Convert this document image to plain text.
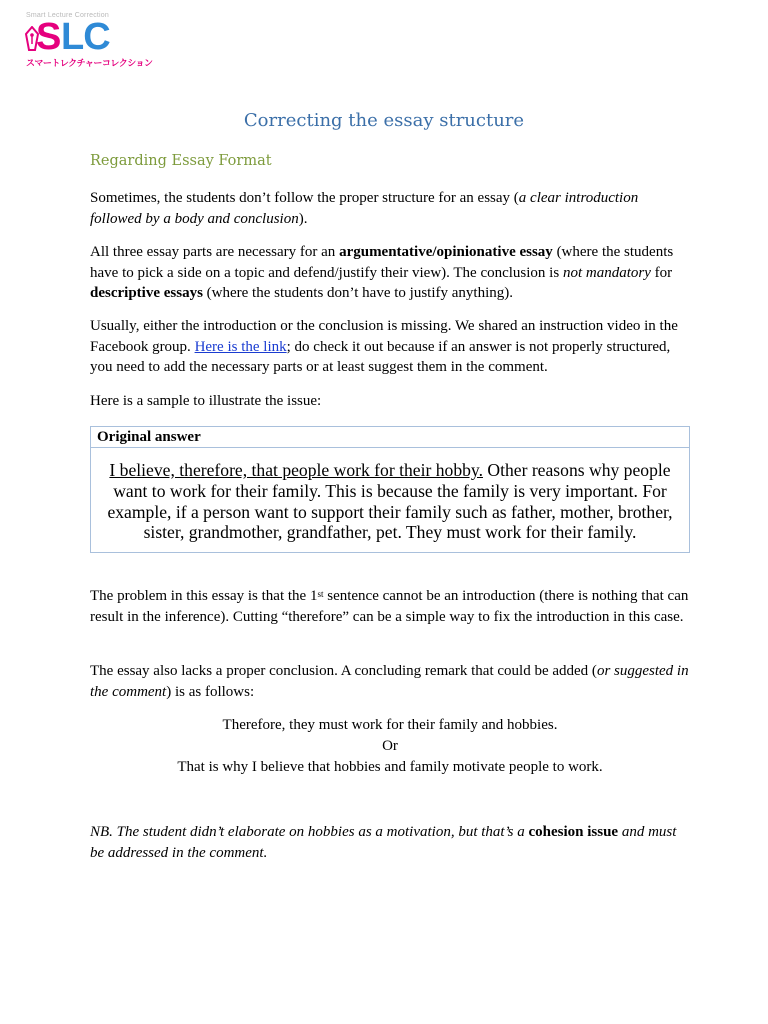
Smart Lecture Correction
S LC
スマートレクチャーコレクション
Correcting the essay structure
Regarding Essay Format
Sometimes, the students don’t follow the proper structure for an essay (a clear introduction followed by a body and conclusion).
All three essay parts are necessary for an argumentative/opinionative essay (where the students have to pick a side on a topic and defend/justify their view). The conclusion is not mandatory for descriptive essays (where the students don’t have to justify anything).
Usually, either the introduction or the conclusion is missing. We shared an instruction video in the Facebook group. Here is the link; do check it out because if an answer is not properly structured, you need to add the necessary parts or at least suggest them in the comment.
Here is a sample to illustrate the issue:
Original answer
I believe, therefore, that people work for their hobby. Other reasons why people want to work for their family. This is because the family is very important. For example, if a person want to support their family such as father, mother, brother, sister, grandmother, grandfather, pet. They must work for their family.
The problem in this essay is that the 1st sentence cannot be an introduction (there is nothing that can result in the inference). Cutting “therefore” can be a simple way to fix the introduction in this case.
The essay also lacks a proper conclusion. A concluding remark that could be added (or suggested in the comment) is as follows:
Therefore, they must work for their family and hobbies.
Or
That is why I believe that hobbies and family motivate people to work.
NB. The student didn’t elaborate on hobbies as a motivation, but that’s a cohesion issue and must be addressed in the comment.
